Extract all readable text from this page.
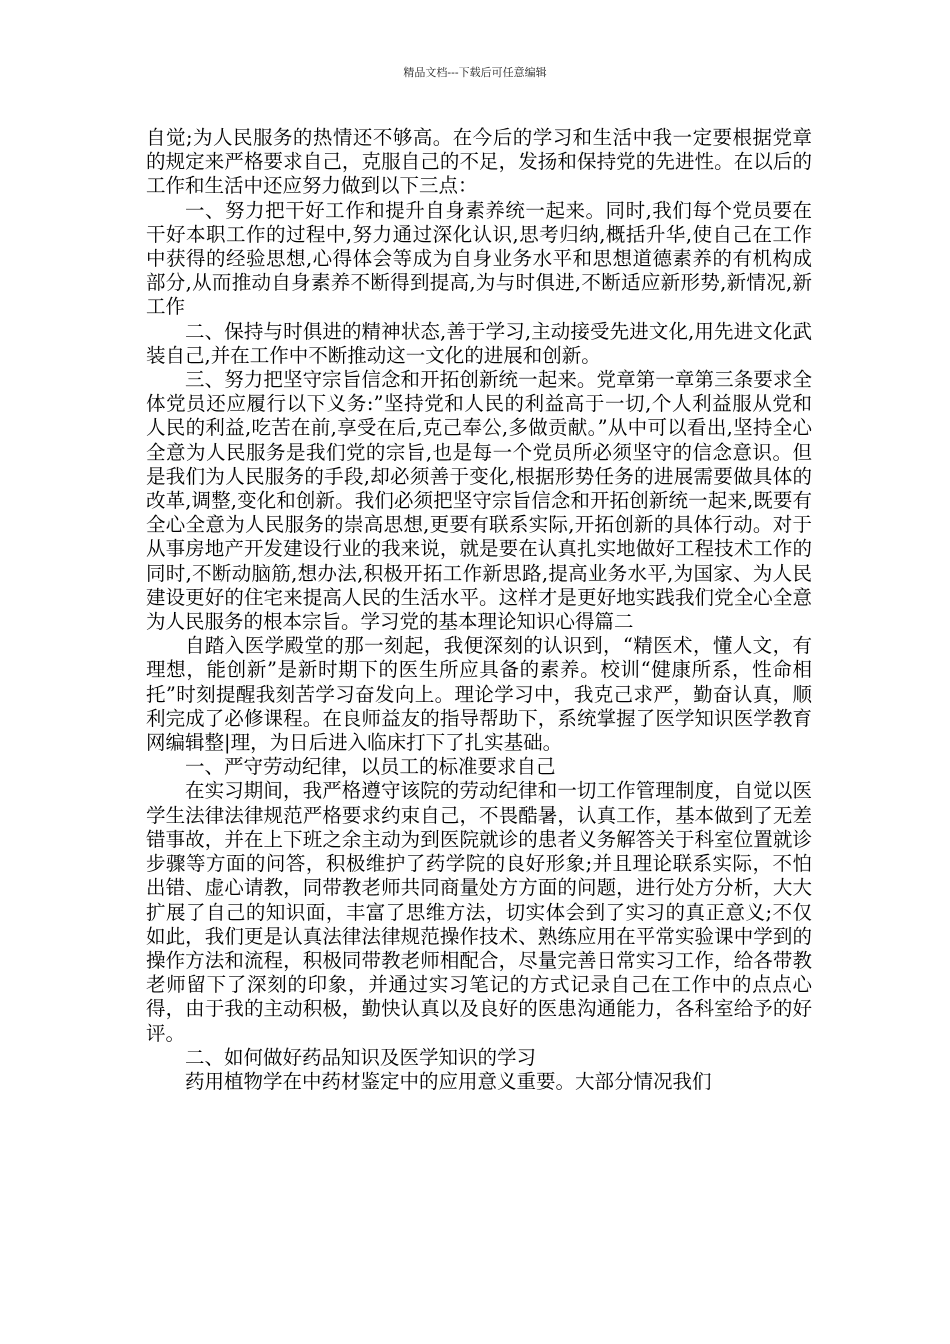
精品文档---下载后可任意编辑

自觉;为人民服务的热情还不够高。在今后的学习和生活中我一定要根据党章的规定来严格要求自己，克服自己的不足，发扬和保持党的先进性。在以后的工作和生活中还应努力做到以下三点：

一、努力把干好工作和提升自身素养统一起来。同时,我们每个党员要在干好本职工作的过程中,努力通过深化认识,思考归纳,概括升华,使自己在工作中获得的经验思想,心得体会等成为自身业务水平和思想道德素养的有机构成部分,从而推动自身素养不断得到提高,为与时俱进,不断适应新形势,新情况,新工作

二、保持与时俱进的精神状态,善于学习,主动接受先进文化,用先进文化武装自己,并在工作中不断推动这一文化的进展和创新。

三、努力把坚守宗旨信念和开拓创新统一起来。党章第一章第三条要求全体党员还应履行以下义务:”坚持党和人民的利益高于一切,个人利益服从党和人民的利益,吃苦在前,享受在后,克己奉公,多做贡献。”从中可以看出,坚持全心全意为人民服务是我们党的宗旨,也是每一个党员所必须坚守的信念意识。但是我们为人民服务的手段,却必须善于变化,根据形势任务的进展需要做具体的改革,调整,变化和创新。我们必须把坚守宗旨信念和开拓创新统一起来,既要有全心全意为人民服务的崇高思想,更要有联系实际,开拓创新的具体行动。对于从事房地产开发建设行业的我来说，就是要在认真扎实地做好工程技术工作的同时,不断动脑筋,想办法,积极开拓工作新思路,提高业务水平,为国家、为人民建设更好的住宅来提高人民的生活水平。这样才是更好地实践我们党全心全意为人民服务的根本宗旨。学习党的基本理论知识心得篇二

自踏入医学殿堂的那一刻起，我便深刻的认识到，“精医术，懂人文，有理想，能创新”是新时期下的医生所应具备的素养。校训“健康所系，性命相托”时刻提醒我刻苦学习奋发向上。理论学习中，我克己求严，勤奋认真，顺利完成了必修课程。在良师益友的指导帮助下，系统掌握了医学知识医学教育网编辑整|理，为日后进入临床打下了扎实基础。

一、严守劳动纪律，以员工的标准要求自己

在实习期间，我严格遵守该院的劳动纪律和一切工作管理制度，自觉以医学生法律法律规范严格要求约束自己，不畏酷暑，认真工作，基本做到了无差错事故，并在上下班之余主动为到医院就诊的患者义务解答关于科室位置就诊步骤等方面的问答，积极维护了药学院的良好形象;并且理论联系实际，不怕出错、虚心请教，同带教老师共同商量处方方面的问题，进行处方分析，大大扩展了自己的知识面，丰富了思维方法，切实体会到了实习的真正意义;不仅如此，我们更是认真法律法律规范操作技术、熟练应用在平常实验课中学到的操作方法和流程，积极同带教老师相配合，尽量完善日常实习工作，给各带教老师留下了深刻的印象，并通过实习笔记的方式记录自己在工作中的点点心得，由于我的主动积极，勤快认真以及良好的医患沟通能力，各科室给予的好评。

二、如何做好药品知识及医学知识的学习

药用植物学在中药材鉴定中的应用意义重要。大部分情况我们
